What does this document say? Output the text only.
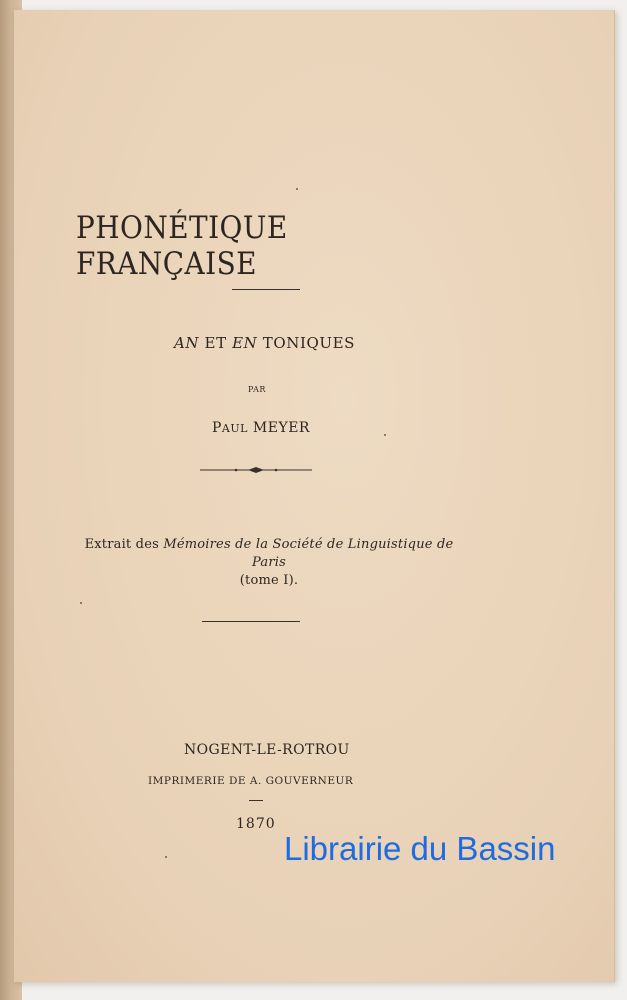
PHONÉTIQUE FRANÇAISE
AN ET EN TONIQUES
PAR
PAUL MEYER
Extrait des Mémoires de la Société de Linguistique de Paris
(tome I).
NOGENT-LE-ROTROU
IMPRIMERIE DE A. GOUVERNEUR
1870
Librairie du Bassin
